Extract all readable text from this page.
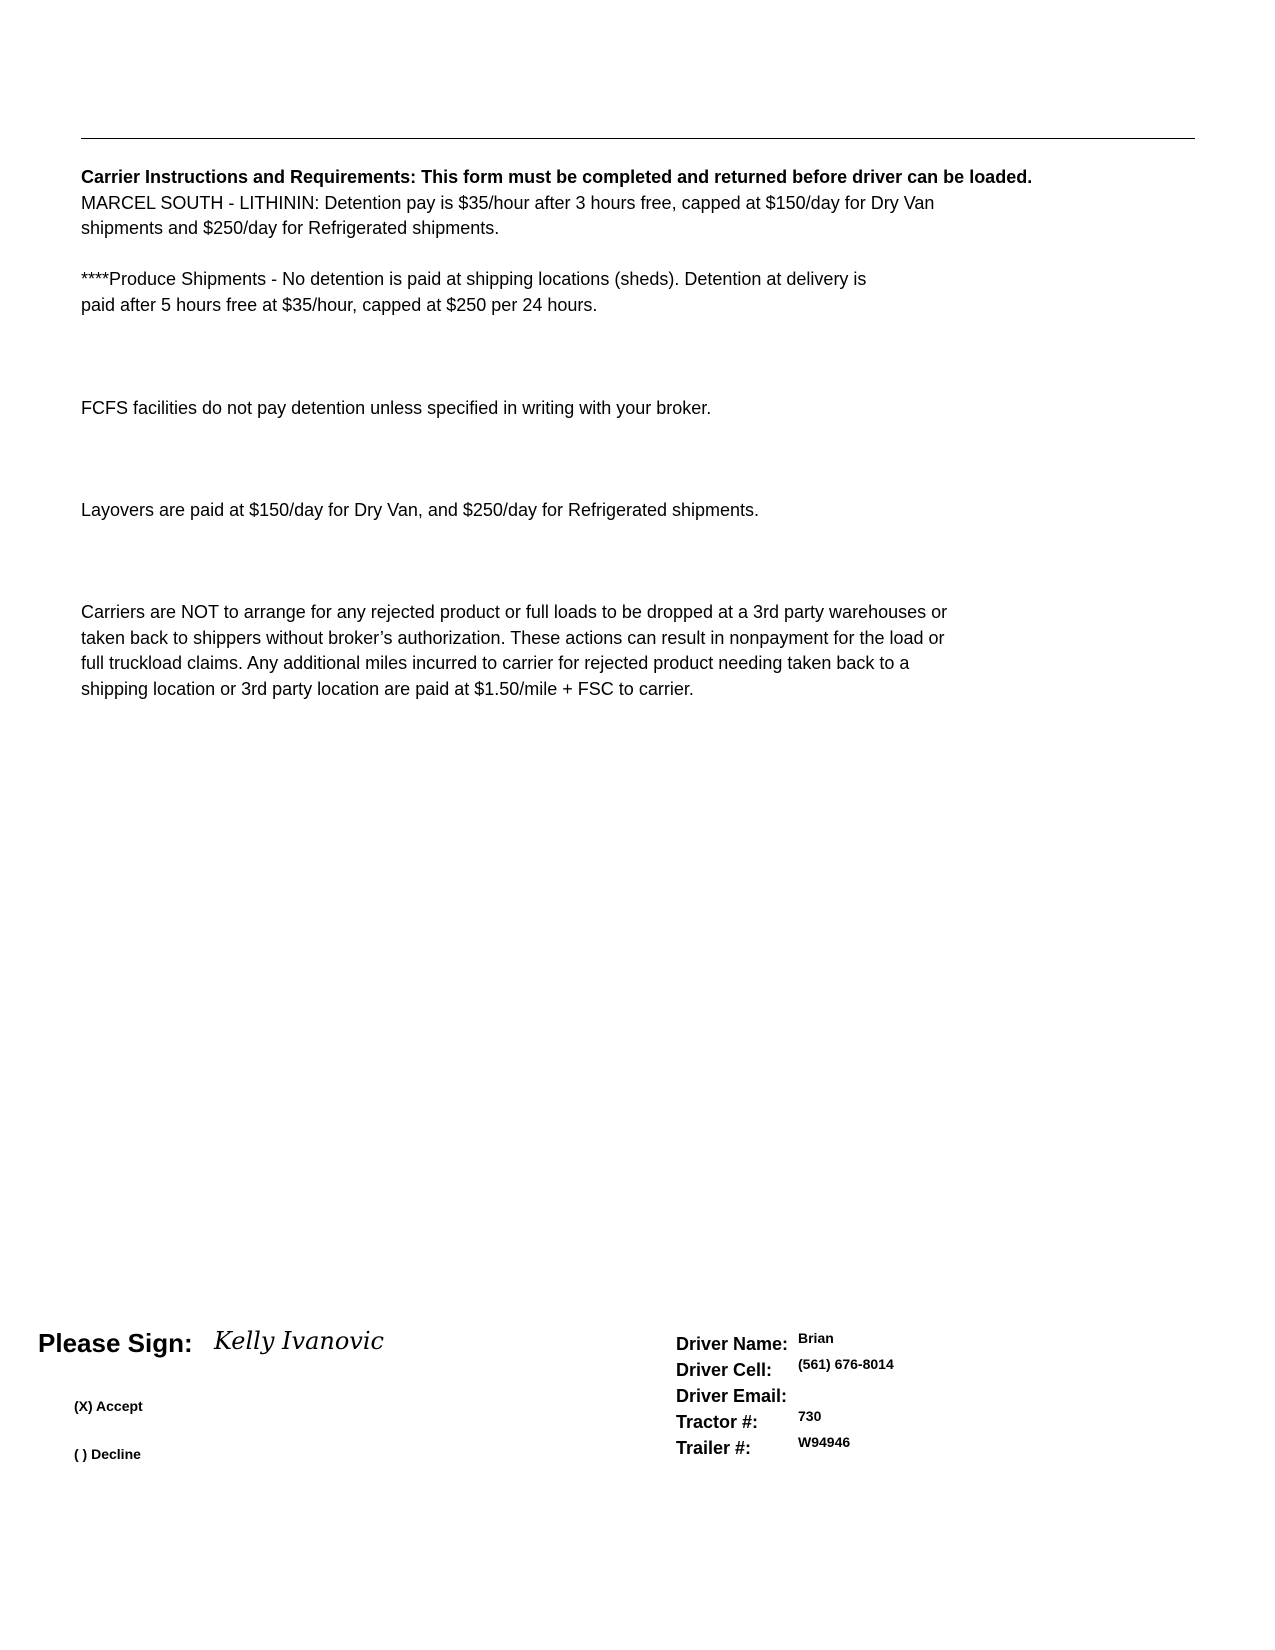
Carrier Instructions and Requirements: This form must be completed and returned before driver can be loaded.
MARCEL SOUTH - LITHININ: Detention pay is $35/hour after 3 hours free, capped at $150/day for Dry Van
shipments and $250/day for Refrigerated shipments.
****Produce Shipments - No detention is paid at shipping locations (sheds). Detention at delivery is
paid after 5 hours free at $35/hour, capped at $250 per 24 hours.
FCFS facilities do not pay detention unless specified in writing with your broker.
Layovers are paid at $150/day for Dry Van, and $250/day for Refrigerated shipments.
Carriers are NOT to arrange for any rejected product or full loads to be dropped at a 3rd party warehouses or
taken back to shippers without broker’s authorization. These actions can result in nonpayment for the load or
full truckload claims. Any additional miles incurred to carrier for rejected product needing taken back to a
shipping location or 3rd party location are paid at $1.50/mile + FSC to carrier.
Please Sign: Kelly Ivanovic
(X) Accept
( ) Decline
Driver Name: Brian
Driver Cell: (561) 676-8014
Driver Email:
Tractor #:	730
Trailer #:	W94946
